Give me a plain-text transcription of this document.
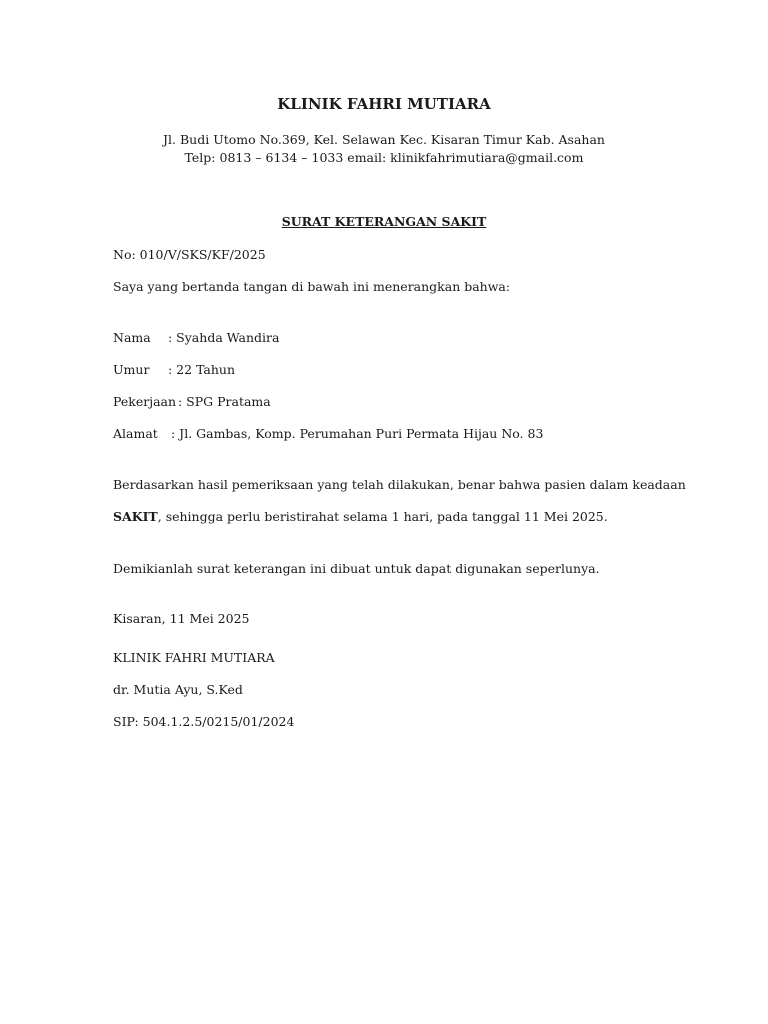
KLINIK FAHRI MUTIARA
Jl. Budi Utomo No.369, Kel. Selawan Kec. Kisaran Timur Kab. Asahan
Telp: 0813 – 6134 – 1033 email: klinikfahrimutiara@gmail.com
SURAT KETERANGAN SAKIT
No: 010/V/SKS/KF/2025
Saya yang bertanda tangan di bawah ini menerangkan bahwa:
Nama : Syahda Wandira
Umur : 22 Tahun
Pekerjaan : SPG Pratama
Alamat : Jl. Gambas, Komp. Perumahan Puri Permata Hijau No. 83
Berdasarkan hasil pemeriksaan yang telah dilakukan, benar bahwa pasien dalam keadaan
SAKIT, sehingga perlu beristirahat selama 1 hari, pada tanggal 11 Mei 2025.
Demikianlah surat keterangan ini dibuat untuk dapat digunakan seperlunya.
Kisaran, 11 Mei 2025
KLINIK FAHRI MUTIARA
dr. Mutia Ayu, S.Ked
SIP: 504.1.2.5/0215/01/2024
